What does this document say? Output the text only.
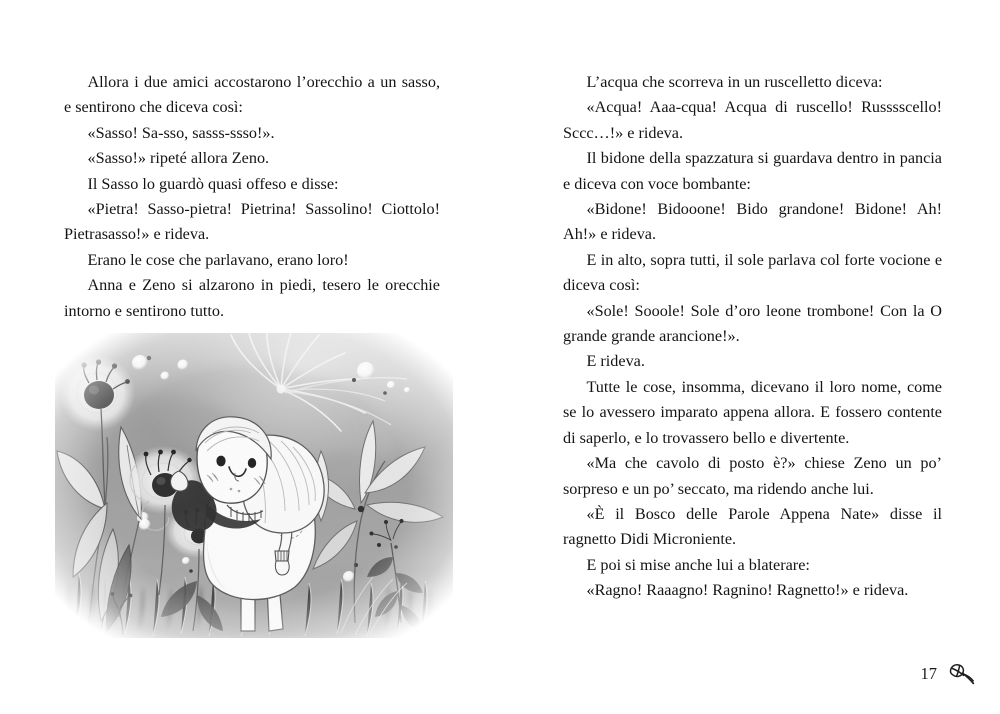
Allora i due amici accostarono l’orecchio a un sasso, e sentirono che diceva così:

«Sasso! Sa-sso, sasss-ssso!».

«Sasso!» ripeté allora Zeno.

Il Sasso lo guardò quasi offeso e disse:

«Pietra! Sasso-pietra! Pietrina! Sassolino! Ciottolo! Pietrasasso!» e rideva.

Erano le cose che parlavano, erano loro!

Anna e Zeno si alzarono in piedi, tesero le orecchie intorno e sentirono tutto.

L’acqua che scorreva in un ruscelletto diceva:

«Acqua! Aaa-cqua! Acqua di ruscello! Russsscello! Sccc…!» e rideva.

Il bidone della spazzatura si guardava dentro in pancia e diceva con voce bombante:

«Bidone! Bidooone! Bido grandone! Bidone! Ah! Ah!» e rideva.

E in alto, sopra tutti, il sole parlava col forte vocione e diceva così:

«Sole! Sooole! Sole d’oro leone trombone! Con la O grande grande arancione!».

E rideva.

Tutte le cose, insomma, dicevano il loro nome, come se lo avessero imparato appena allora. E fossero contente di saperlo, e lo trovassero bello e divertente.

«Ma che cavolo di posto è?» chiese Zeno un po’ sorpreso e un po’ seccato, ma ridendo anche lui.

«È il Bosco delle Parole Appena Nate» disse il ragnetto Didi Microniente.

E poi si mise anche lui a blaterare:

«Ragno! Raaagno! Ragnino! Ragnetto!» e rideva.

17
